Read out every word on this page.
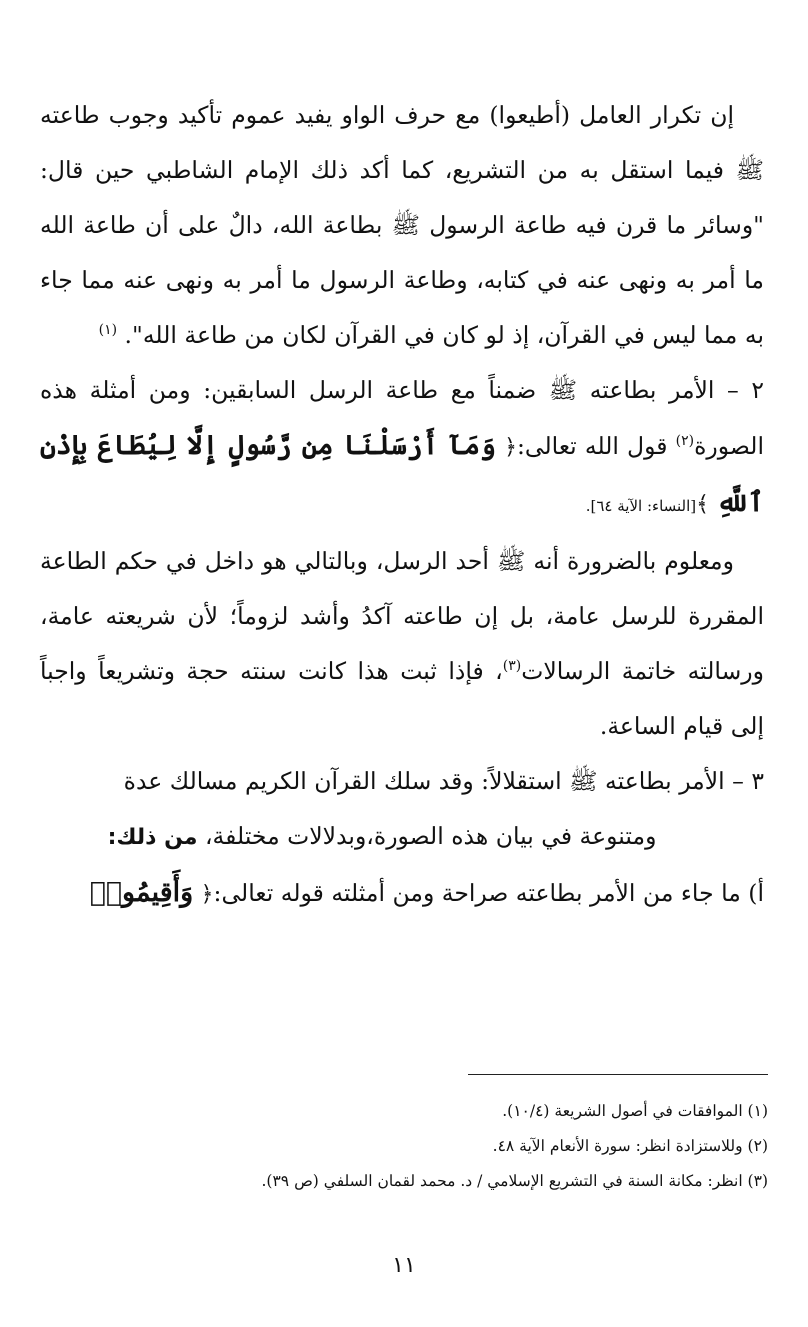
إن تكرار العامل (أطيعوا) مع حرف الواو يفيد عموم تأكيد وجوب طاعته ﷺ فيما استقل به من التشريع، كما أكد ذلك الإمام الشاطبي حين قال: "وسائر ما قرن فيه طاعة الرسول ﷺ بطاعة الله، دالٌ على أن طاعة الله ما أمر به ونهى عنه في كتابه، وطاعة الرسول ما أمر به ونهى عنه مما جاء به مما ليس في القرآن، إذ لو كان في القرآن لكان من طاعة الله". $^{(١)}$

٢ – الأمر بطاعته ﷺ ضمناً مع طاعة الرسل السابقين: ومن أمثلة هذه الصورة$^{(٢)}$ قول الله تعالى:﴿ وَمَآ أَرْسَلْنَا مِن رَّسُولٍ إِلَّا لِيُطَاعَ بِإِذْنِ ٱللَّهِ ﴾[النساء: الآية ٦٤].

ومعلوم بالضرورة أنه ﷺ أحد الرسل، وبالتالي هو داخل في حكم الطاعة المقررة للرسل عامة، بل إن طاعته آكدُ وأشد لزوماً؛ لأن شريعته عامة، ورسالته خاتمة الرسالات$^{(٣)}$، فإذا ثبت هذا كانت سنته حجة وتشريعاً واجباً إلى قيام الساعة.

٣ – الأمر بطاعته ﷺ استقلالاً: وقد سلك القرآن الكريم مسالك عدة

ومتنوعة في بيان هذه الصورة،وبدلالات مختلفة، من ذلك:

أ) ما جاء من الأمر بطاعته صراحة ومن أمثلته قوله تعالى:﴿ وَأَقِيمُوا۟

(١) الموافقات في أصول الشريعة (١٠/٤).

(٢) وللاستزادة انظر: سورة الأنعام الآية ٤٨.

(٣) انظر: مكانة السنة في التشريع الإسلامي / د. محمد لقمان السلفي (ص ٣٩).

١١
